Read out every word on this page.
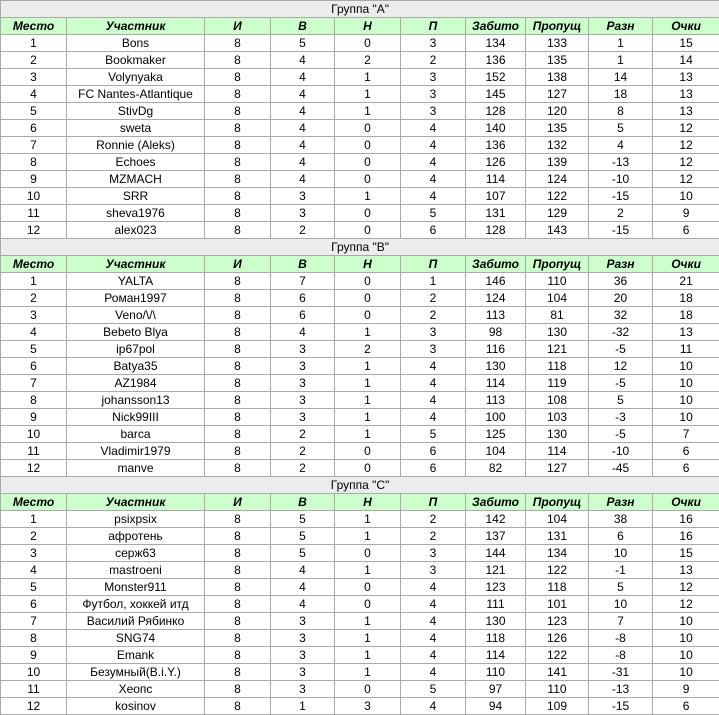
Группа "A"									
Место	Участник	И	В	Н	П	Забито	Пропущ	Разн	Очки
1	Bons	8	5	0	3	134	133	1	15
2	Bookmaker	8	4	2	2	136	135	1	14
3	Volynyaka	8	4	1	3	152	138	14	13
4	FC Nantes-Atlantique	8	4	1	3	145	127	18	13
5	StivDg	8	4	1	3	128	120	8	13
6	sweta	8	4	0	4	140	135	5	12
7	Ronnie (Aleks)	8	4	0	4	136	132	4	12
8	Echoes	8	4	0	4	126	139	-13	12
9	MZMACH	8	4	0	4	114	124	-10	12
10	SRR	8	3	1	4	107	122	-15	10
11	sheva1976	8	3	0	5	131	129	2	9
12	alex023	8	2	0	6	128	143	-15	6
Группа "B"									
Место	Участник	И	В	Н	П	Забито	Пропущ	Разн	Очки
1	YALTA	8	7	0	1	146	110	36	21
2	Роман1997	8	6	0	2	124	104	20	18
3	Veno/\/\	8	6	0	2	113	81	32	18
4	Bebeto Blya	8	4	1	3	98	130	-32	13
5	ip67pol	8	3	2	3	116	121	-5	11
6	Batya35	8	3	1	4	130	118	12	10
7	AZ1984	8	3	1	4	114	119	-5	10
8	johansson13	8	3	1	4	113	108	5	10
9	Nick99III	8	3	1	4	100	103	-3	10
10	barca	8	2	1	5	125	130	-5	7
11	Vladimir1979	8	2	0	6	104	114	-10	6
12	manve	8	2	0	6	82	127	-45	6
Группа "C"									
Место	Участник	И	В	Н	П	Забито	Пропущ	Разн	Очки
1	psixpsix	8	5	1	2	142	104	38	16
2	афротень	8	5	1	2	137	131	6	16
3	серж63	8	5	0	3	144	134	10	15
4	mastroeni	8	4	1	3	121	122	-1	13
5	Monster911	8	4	0	4	123	118	5	12
6	Футбол, хоккей итд	8	4	0	4	111	101	10	12
7	Василий Рябинко	8	3	1	4	130	123	7	10
8	SNG74	8	3	1	4	118	126	-8	10
9	Emank	8	3	1	4	114	122	-8	10
10	Безумный(B.i.Y.)	8	3	1	4	110	141	-31	10
11	Хеопс	8	3	0	5	97	110	-13	9
12	kosinov	8	1	3	4	94	109	-15	6
